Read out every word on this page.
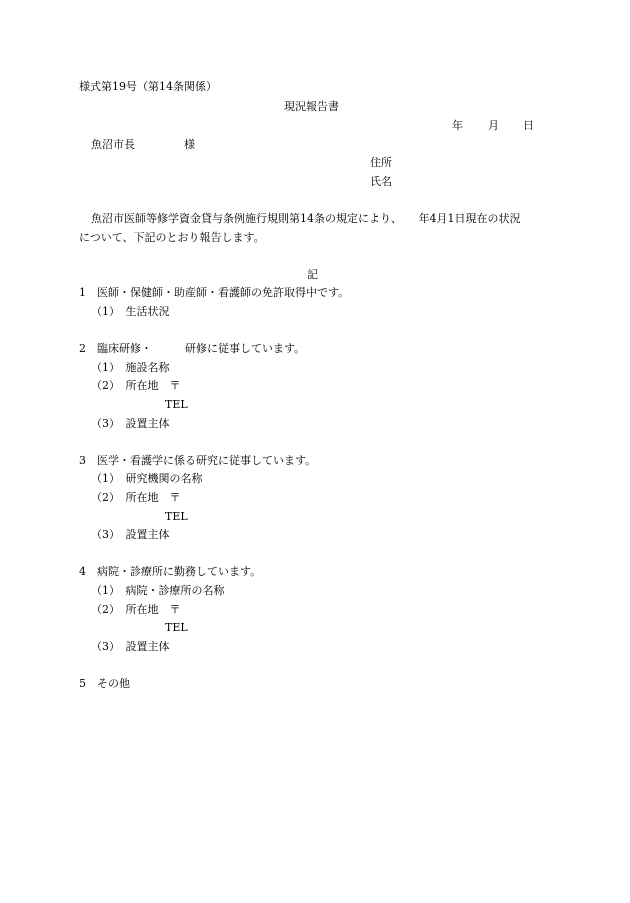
様式第19号（第14条関係）
現況報告書
年 月 日
魚沼市長	様
住所
氏名
魚沼市医師等修学資金貸与条例施行規則第14条の規定により、　　年4月1日現在の状況
について、下記のとおり報告します。
記
1　医師・保健師・助産師・看護師の免許取得中です。
（1）　生活状況
2　臨床研修・　　　研修に従事しています。
（1）　施設名称
（2）　所在地　〒
TEL
（3）　設置主体
3　医学・看護学に係る研究に従事しています。
（1）　研究機関の名称
（2）　所在地　〒
TEL
（3）　設置主体
4　病院・診療所に勤務しています。
（1）　病院・診療所の名称
（2）　所在地　〒
TEL
（3）　設置主体
5　その他
